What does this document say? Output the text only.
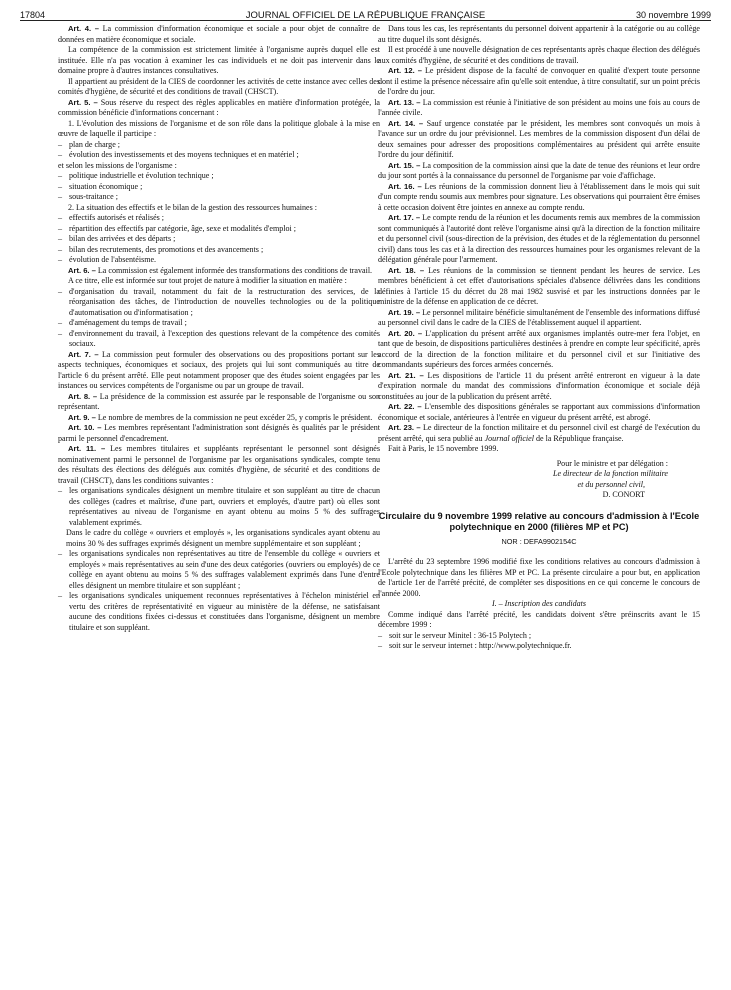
17804	JOURNAL OFFICIEL DE LA RÉPUBLIQUE FRANÇAISE	30 novembre 1999

Art. 4. – La commission d'information économique et sociale a pour objet de connaître de données en matière économique et sociale.

La compétence de la commission est strictement limitée à l'organisme auprès duquel elle est instituée. Elle n'a pas vocation à examiner les cas individuels et ne doit pas intervenir dans le domaine propre à d'autres instances consultatives.

Il appartient au président de la CIES de coordonner les activités de cette instance avec celles des comités d'hygiène, de sécurité et des conditions de travail (CHSCT).

Art. 5. – Sous réserve du respect des règles applicables en matière d'information protégée, la commission bénéficie d'informations concernant :

1. L'évolution des missions de l'organisme et de son rôle dans la politique globale à la mise en œuvre de laquelle il participe :

– plan de charge ;

– évolution des investissements et des moyens techniques et en matériel ;

et selon les missions de l'organisme :

– politique industrielle et évolution technique ;

– situation économique ;

– sous-traitance ;

2. La situation des effectifs et le bilan de la gestion des ressources humaines :

– effectifs autorisés et réalisés ;

– répartition des effectifs par catégorie, âge, sexe et modalités d'emploi ;

– bilan des arrivées et des départs ;

– bilan des recrutements, des promotions et des avancements ;

– évolution de l'absentéisme.

Art. 6. – La commission est également informée des transformations des conditions de travail.

A ce titre, elle est informée sur tout projet de nature à modifier la situation en matière :

– d'organisation du travail, notamment du fait de la restructuration des services, de la réorganisation des tâches, de l'introduction de nouvelles technologies ou de la politique d'automatisation ou d'informatisation ;

– d'aménagement du temps de travail ;

– d'environnement du travail, à l'exception des questions relevant de la compétence des comités sociaux.

Art. 7. – La commission peut formuler des observations ou des propositions portant sur les aspects techniques, économiques et sociaux, des projets qui lui sont communiqués au titre de l'article 6 du présent arrêté. Elle peut notamment proposer que des études soient engagées par les instances ou services compétents de l'organisme ou par un groupe de travail.

Art. 8. – La présidence de la commission est assurée par le responsable de l'organisme ou son représentant.

Art. 9. – Le nombre de membres de la commission ne peut excéder 25, y compris le président.

Art. 10. – Les membres représentant l'administration sont désignés ès qualités par le président parmi le personnel d'encadrement.

Art. 11. – Les membres titulaires et suppléants représentant le personnel sont désignés nominativement parmi le personnel de l'organisme par les organisations syndicales, compte tenu des résultats des élections des délégués aux comités d'hygiène, de sécurité et des conditions de travail (CHSCT), dans les conditions suivantes :

– les organisations syndicales désignent un membre titulaire et son suppléant au titre de chacun des collèges (cadres et maîtrise, d'une part, ouvriers et employés, d'autre part) où elles sont représentatives au niveau de l'organisme en ayant obtenu au moins 5 % des suffrages valablement exprimés.

Dans le cadre du collège « ouvriers et employés », les organisations syndicales ayant obtenu au moins 30 % des suffrages exprimés désignent un membre supplémentaire et son suppléant ;

– les organisations syndicales non représentatives au titre de l'ensemble du collège « ouvriers et employés » mais représentatives au sein d'une des deux catégories (ouvriers ou employés) de ce collège en ayant obtenu au moins 5 % des suffrages valablement exprimés dans l'une d'entre elles désignent un membre titulaire et son suppléant ;

– les organisations syndicales uniquement reconnues représentatives à l'échelon ministériel en vertu des critères de représentativité en vigueur au ministère de la défense, ne satisfaisant aucune des conditions fixées ci-dessus et constituées dans l'organisme, désignent un membre titulaire et son suppléant.

Dans tous les cas, les représentants du personnel doivent appartenir à la catégorie ou au collège au titre duquel ils sont désignés.

Il est procédé à une nouvelle désignation de ces représentants après chaque élection des délégués aux comités d'hygiène, de sécurité et des conditions de travail.

Art. 12. – Le président dispose de la faculté de convoquer en qualité d'expert toute personne dont il estime la présence nécessaire afin qu'elle soit entendue, à titre consultatif, sur un point précis de l'ordre du jour.

Art. 13. – La commission est réunie à l'initiative de son président au moins une fois au cours de l'année civile.

Art. 14. – Sauf urgence constatée par le président, les membres sont convoqués un mois à l'avance sur un ordre du jour prévisionnel. Les membres de la commission disposent d'un délai de deux semaines pour adresser des propositions complémentaires au président qui arrête ensuite l'ordre du jour définitif.

Art. 15. – La composition de la commission ainsi que la date de tenue des réunions et leur ordre du jour sont portés à la connaissance du personnel de l'organisme par voie d'affichage.

Art. 16. – Les réunions de la commission donnent lieu à l'établissement dans le mois qui suit d'un compte rendu soumis aux membres pour signature. Les observations qui pourraient être émises à cette occasion doivent être jointes en annexe au compte rendu.

Art. 17. – Le compte rendu de la réunion et les documents remis aux membres de la commission sont communiqués à l'autorité dont relève l'organisme ainsi qu'à la direction de la fonction militaire et du personnel civil (sous-direction de la prévision, des études et de la réglementation du personnel civil) dans tous les cas et à la direction des ressources humaines pour les organismes relevant de la délégation générale pour l'armement.

Art. 18. – Les réunions de la commission se tiennent pendant les heures de service. Les membres bénéficient à cet effet d'autorisations spéciales d'absence délivrées dans les conditions définies à l'article 15 du décret du 28 mai 1982 susvisé et par les instructions données par le ministre de la défense en application de ce décret.

Art. 19. – Le personnel militaire bénéficie simultanément de l'ensemble des informations diffusé au personnel civil dans le cadre de la CIES de l'établissement auquel il appartient.

Art. 20. – L'application du présent arrêté aux organismes implantés outre-mer fera l'objet, en tant que de besoin, de dispositions particulières destinées à prendre en compte leur spécificité, après accord de la direction de la fonction militaire et du personnel civil et sur l'initiative des commandants supérieurs des forces armées concernés.

Art. 21. – Les dispositions de l'article 11 du présent arrêté entreront en vigueur à la date d'expiration normale du mandat des commissions d'information économique et sociale déjà constituées au jour de la publication du présent arrêté.

Art. 22. – L'ensemble des dispositions générales se rapportant aux commissions d'information économique et sociale, antérieures à l'entrée en vigueur du présent arrêté, est abrogé.

Art. 23. – Le directeur de la fonction militaire et du personnel civil est chargé de l'exécution du présent arrêté, qui sera publié au Journal officiel de la République française.

Fait à Paris, le 15 novembre 1999.

Pour le ministre et par délégation :

Le directeur de la fonction militaire

et du personnel civil,

D. CONORT

Circulaire du 9 novembre 1999 relative au concours d'admission à l'Ecole polytechnique en 2000 (filières MP et PC)
NOR : DEFA9902154C

L'arrêté du 23 septembre 1996 modifié fixe les conditions relatives au concours d'admission à l'Ecole polytechnique dans les filières MP et PC. La présente circulaire a pour but, en application de l'article 1er de l'arrêté précité, de compléter ses dispositions en ce qui concerne le concours de l'année 2000.

I. – Inscription des candidats

Comme indiqué dans l'arrêté précité, les candidats doivent s'être préinscrits avant le 15 décembre 1999 :

– soit sur le serveur Minitel : 36-15 Polytech ;

– soit sur le serveur internet : http://www.polytechnique.fr.
